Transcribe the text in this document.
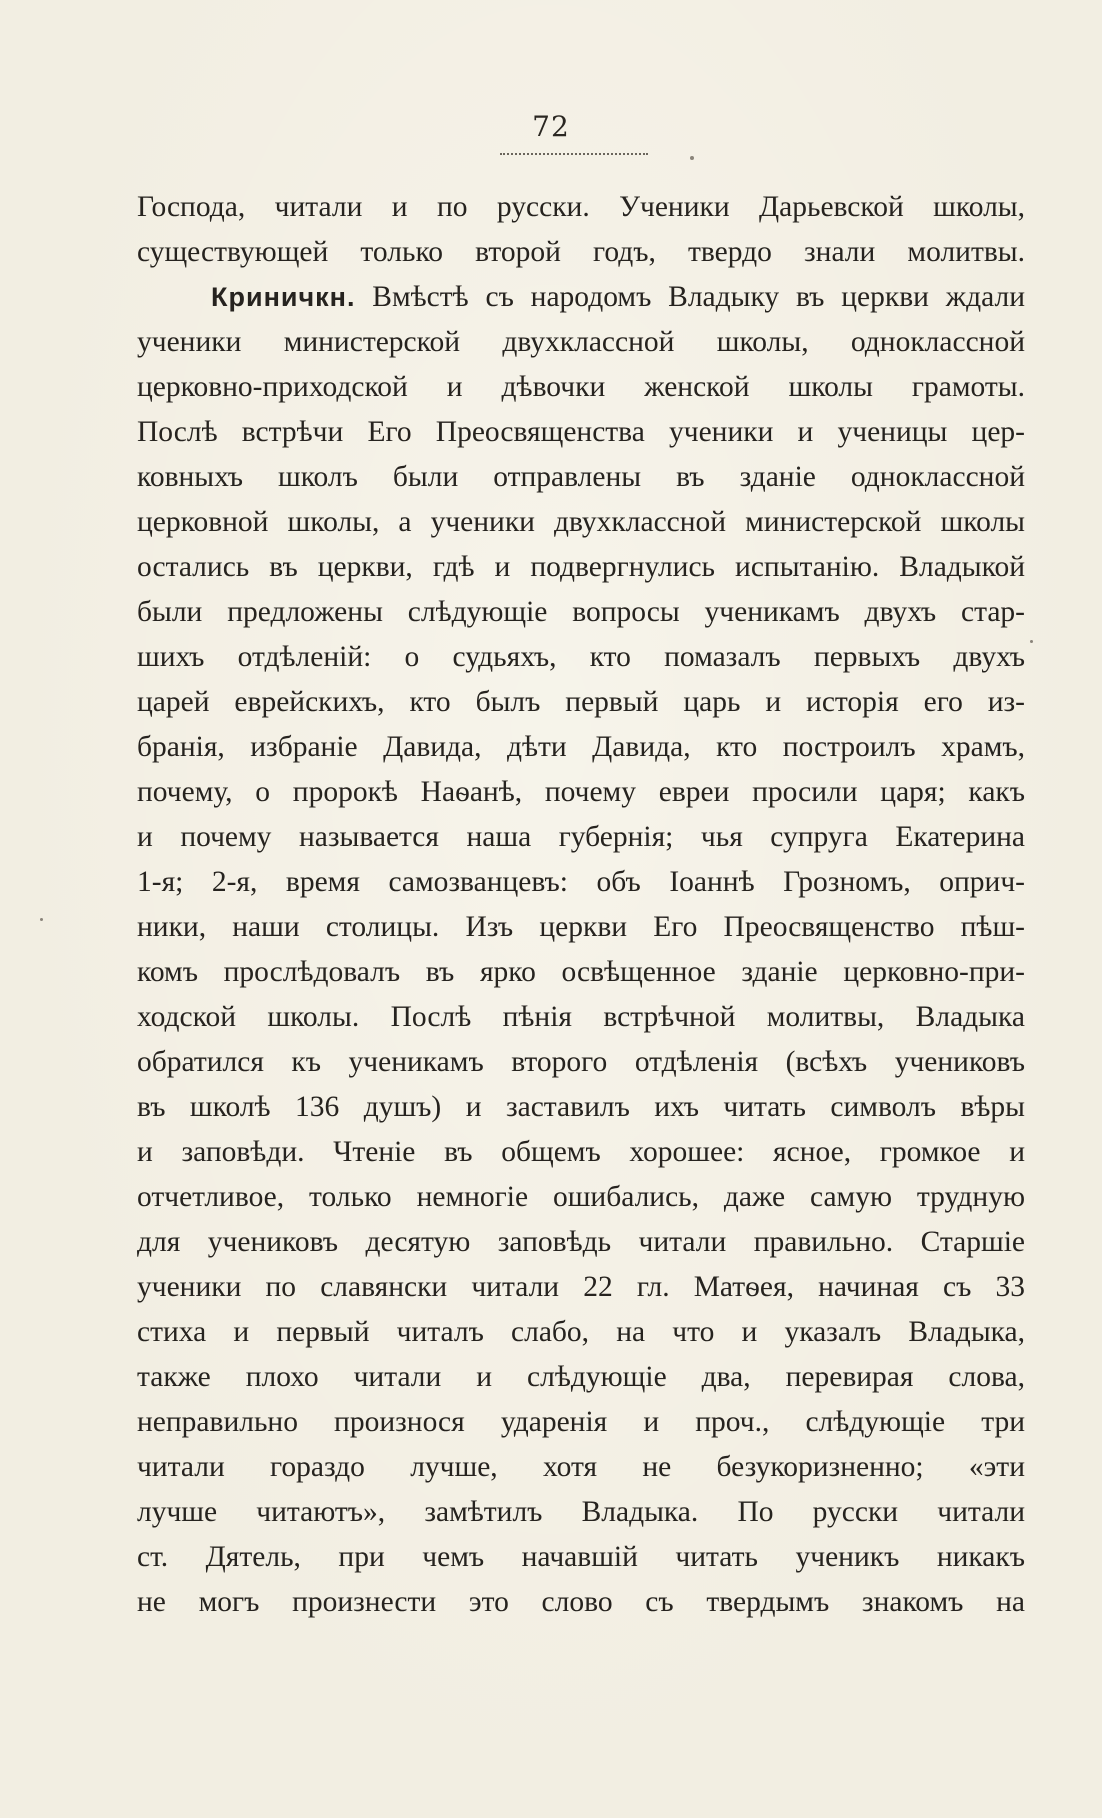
72
Господа, читали и по русски. Ученики Дарьевской школы,
существующей только второй годъ, твердо знали молитвы.
Криничкн. Вмѣстѣ съ народомъ Владыку въ церкви ждали
ученики министерской двухклассной школы, одноклассной
церковно-приходской и дѣвочки женской школы грамоты.
Послѣ встрѣчи Его Преосвященства ученики и ученицы цер-
ковныхъ школъ были отправлены въ зданіе одноклассной
церковной школы, а ученики двухклассной министерской школы
остались въ церкви, гдѣ и подвергнулись испытанію. Владыкой
были предложены слѣдующіе вопросы ученикамъ двухъ стар-
шихъ отдѣленій: о судьяхъ, кто помазалъ первыхъ двухъ
царей еврейскихъ, кто былъ первый царь и исторія его из-
бранія, избраніе Давида, дѣти Давида, кто построилъ храмъ,
почему, о пророкѣ Наѳанѣ, почему евреи просили царя; какъ
и почему называется наша губернія; чья супруга Екатерина
1-я; 2-я, время самозванцевъ: объ Іоаннѣ Грозномъ, оприч-
ники, наши столицы. Изъ церкви Его Преосвященство пѣш-
комъ прослѣдовалъ въ ярко освѣщенное зданіе церковно-при-
ходской школы. Послѣ пѣнія встрѣчной молитвы, Владыка
обратился къ ученикамъ второго отдѣленія (всѣхъ учениковъ
въ школѣ 136 душъ) и заставилъ ихъ читать символъ вѣры
и заповѣди. Чтеніе въ общемъ хорошее: ясное, громкое и
отчетливое, только немногіе ошибались, даже самую трудную
для учениковъ десятую заповѣдь читали правильно. Старшіе
ученики по славянски читали 22 гл. Матѳея, начиная съ 33
стиха и первый читалъ слабо, на что и указалъ Владыка,
также плохо читали и слѣдующіе два, перевирая слова,
неправильно произнося ударенія и проч., слѣдующіе три
читали гораздо лучше, хотя не безукоризненно; «эти
лучше читаютъ», замѣтилъ Владыка. По русски читали
ст. Дятель, при чемъ начавшій читать ученикъ никакъ
не могъ произнести это слово съ твердымъ знакомъ на
